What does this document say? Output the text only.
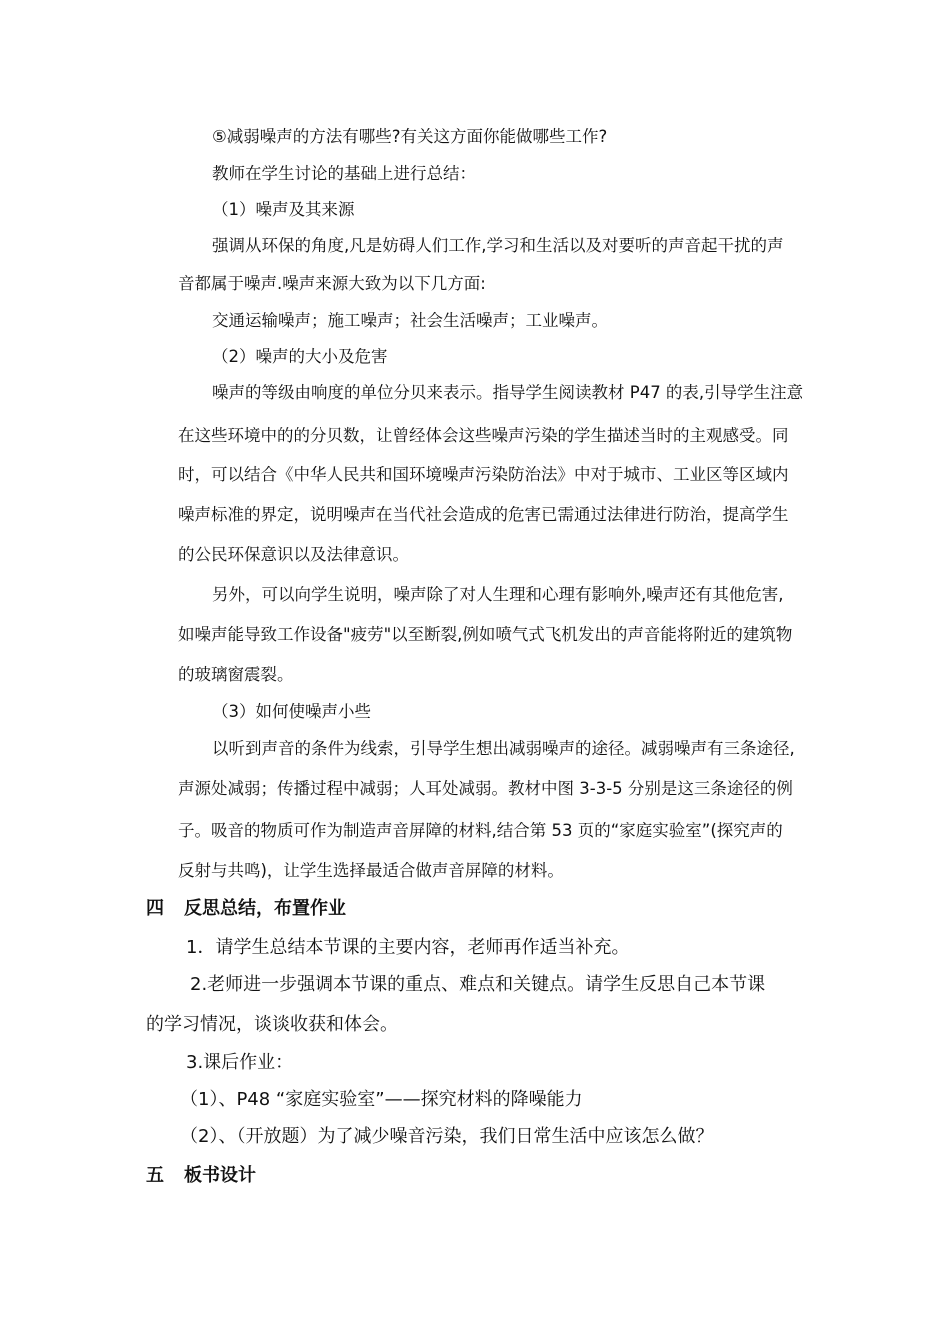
⑤减弱噪声的方法有哪些?有关这方面你能做哪些工作?
教师在学生讨论的基础上进行总结：
（1）噪声及其来源
强调从环保的角度,凡是妨碍人们工作,学习和生活以及对要听的声音起干扰的声
音都属于噪声.噪声来源大致为以下几方面:
交通运输噪声；施工噪声；社会生活噪声；工业噪声。
（2）噪声的大小及危害
噪声的等级由响度的单位分贝来表示。指导学生阅读教材 P47 的表,引导学生注意
在这些环境中的的分贝数，让曾经体会这些噪声污染的学生描述当时的主观感受。同
时，可以结合《中华人民共和国环境噪声污染防治法》中对于城市、工业区等区域内
噪声标准的界定，说明噪声在当代社会造成的危害已需通过法律进行防治，提高学生
的公民环保意识以及法律意识。
另外，可以向学生说明，噪声除了对人生理和心理有影响外,噪声还有其他危害,
如噪声能导致工作设备"疲劳"以至断裂,例如喷气式飞机发出的声音能将附近的建筑物
的玻璃窗震裂。
（3）如何使噪声小些
以听到声音的条件为线索，引导学生想出减弱噪声的途径。减弱噪声有三条途径,
声源处减弱；传播过程中减弱；人耳处减弱。教材中图 3-3-5 分别是这三条途径的例
子。吸音的物质可作为制造声音屏障的材料,结合第 53 页的“家庭实验室”(探究声的
反射与共鸣)，让学生选择最适合做声音屏障的材料。
四 反思总结，布置作业
1．请学生总结本节课的主要内容，老师再作适当补充。
2.老师进一步强调本节课的重点、难点和关键点。请学生反思自己本节课
的学习情况，谈谈收获和体会。
3.课后作业：
（1）、P48 “家庭实验室”——探究材料的降噪能力
（2）、（开放题）为了减少噪音污染，我们日常生活中应该怎么做？
五 板书设计
